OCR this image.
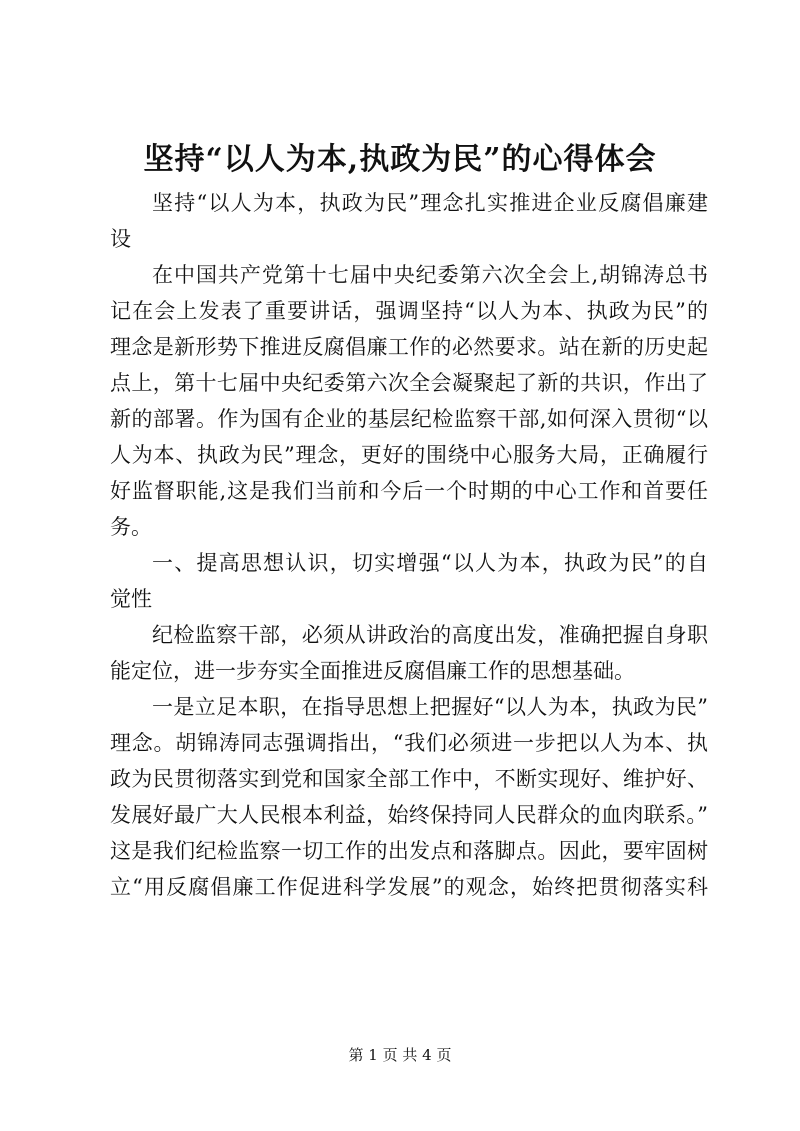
坚持“以人为本,执政为民”的心得体会
坚持“以人为本，执政为民”理念扎实推进企业反腐倡廉建
设
在中国共产党第十七届中央纪委第六次全会上,胡锦涛总书
记在会上发表了重要讲话，强调坚持“以人为本、执政为民”的
理念是新形势下推进反腐倡廉工作的必然要求。站在新的历史起
点上，第十七届中央纪委第六次全会凝聚起了新的共识，作出了
新的部署。作为国有企业的基层纪检监察干部,如何深入贯彻“以
人为本、执政为民”理念，更好的围绕中心服务大局，正确履行
好监督职能,这是我们当前和今后一个时期的中心工作和首要任
务。
一、提高思想认识，切实增强“以人为本，执政为民”的自
觉性
纪检监察干部，必须从讲政治的高度出发，准确把握自身职
能定位，进一步夯实全面推进反腐倡廉工作的思想基础。
一是立足本职，在指导思想上把握好“以人为本，执政为民”
理念。胡锦涛同志强调指出，“我们必须进一步把以人为本、执
政为民贯彻落实到党和国家全部工作中，不断实现好、维护好、
发展好最广大人民根本利益，始终保持同人民群众的血肉联系。”
这是我们纪检监察一切工作的出发点和落脚点。因此，要牢固树
立“用反腐倡廉工作促进科学发展”的观念，始终把贯彻落实科
第 1 页 共 4 页
